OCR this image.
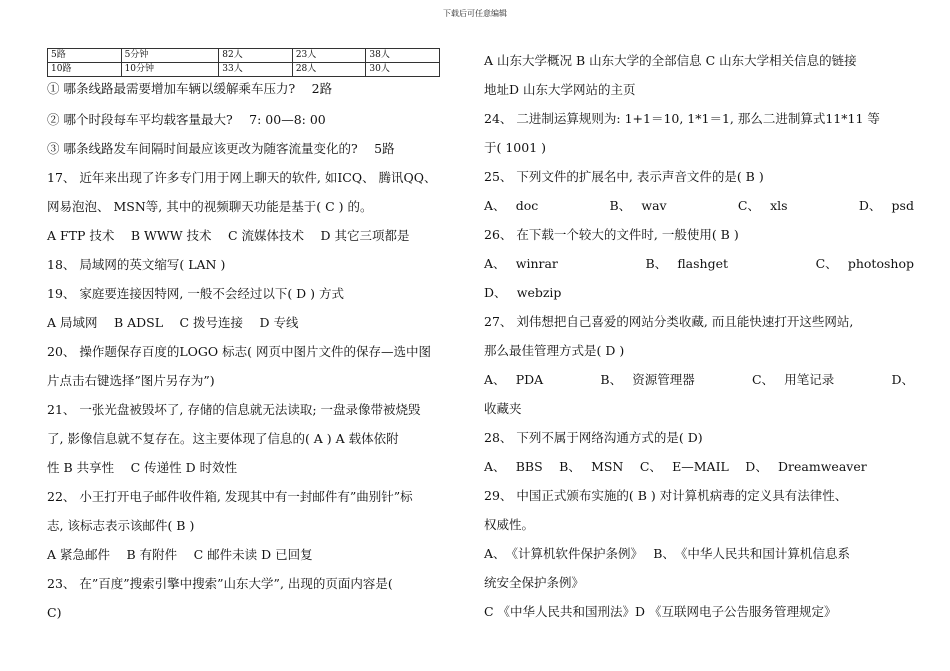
下载后可任意编辑
5路	5分钟	82人	23人	38人
10路	10分钟	33人	28人	30人
① 哪条线路最需要增加车辆以缓解乘车压力?　 2路
② 哪个时段每车平均载客量最大?　 7: 00—8: 00
③ 哪条线路发车间隔时间最应该更改为随客流量变化的?　 5路
17、 近年来出现了许多专门用于网上聊天的软件, 如ICQ、 腾讯QQ、
网易泡泡、 MSN等, 其中的视频聊天功能是基于( C ) 的。
A FTP 技术　 B WWW 技术　 C 流媒体技术　 D 其它三项都是
18、 局域网的英文缩写( LAN )
19、 家庭要连接因特网, 一般不会经过以下( D ) 方式
A 局域网　 B ADSL　 C 拨号连接　 D 专线
20、 操作题保存百度的LOGO 标志( 网页中图片文件的保存—选中图
片点击右键选择”图片另存为”)
21、 一张光盘被毁坏了, 存储的信息就无法读取; 一盘录像带被烧毁
了, 影像信息就不复存在。这主要体现了信息的( A ) A 载体依附
性 B 共享性　 C 传递性 D 时效性
22、 小王打开电子邮件收件箱, 发现其中有一封邮件有”曲别针”标
志, 该标志表示该邮件( B )
A 紧急邮件　 B 有附件　 C 邮件未读 D 已回复
23、 在”百度”搜索引擎中搜索”山东大学”, 出现的页面内容是(
C)
A 山东大学概况 B 山东大学的全部信息 C 山东大学相关信息的链接
地址D 山东大学网站的主页
24、 二进制运算规则为: 1+1＝10, 1*1＝1, 那么二进制算式11*11 等
于( 1001 )
25、 下列文件的扩展名中, 表示声音文件的是( B )
A、　 doc	B、　 wav	C、　 xls	D、　 psd
26、 在下载一个较大的文件时, 一般使用( B )
A、　 winrar	B、　 flashget	C、　 photoshop
D、　 webzip
27、 刘伟想把自己喜爱的网站分类收藏, 而且能快速打开这些网站,
那么最佳管理方式是( D )
A、　 PDA	B、　 资源管理器	C、　 用笔记录	D、
收藏夹
28、 下列不属于网络沟通方式的是( D)
A、　 BBS　 B、　 MSN　 C、　 E—MAIL　 D、　 Dreamweaver
29、 中国正式颁布实施的( B ) 对计算机病毒的定义具有法律性、
权威性。
A、　《计算机软件保护条例》　 B、　《中华人民共和国计算机信息系
统安全保护条例》
C 《中华人民共和国刑法》D 《互联网电子公告服务管理规定》
